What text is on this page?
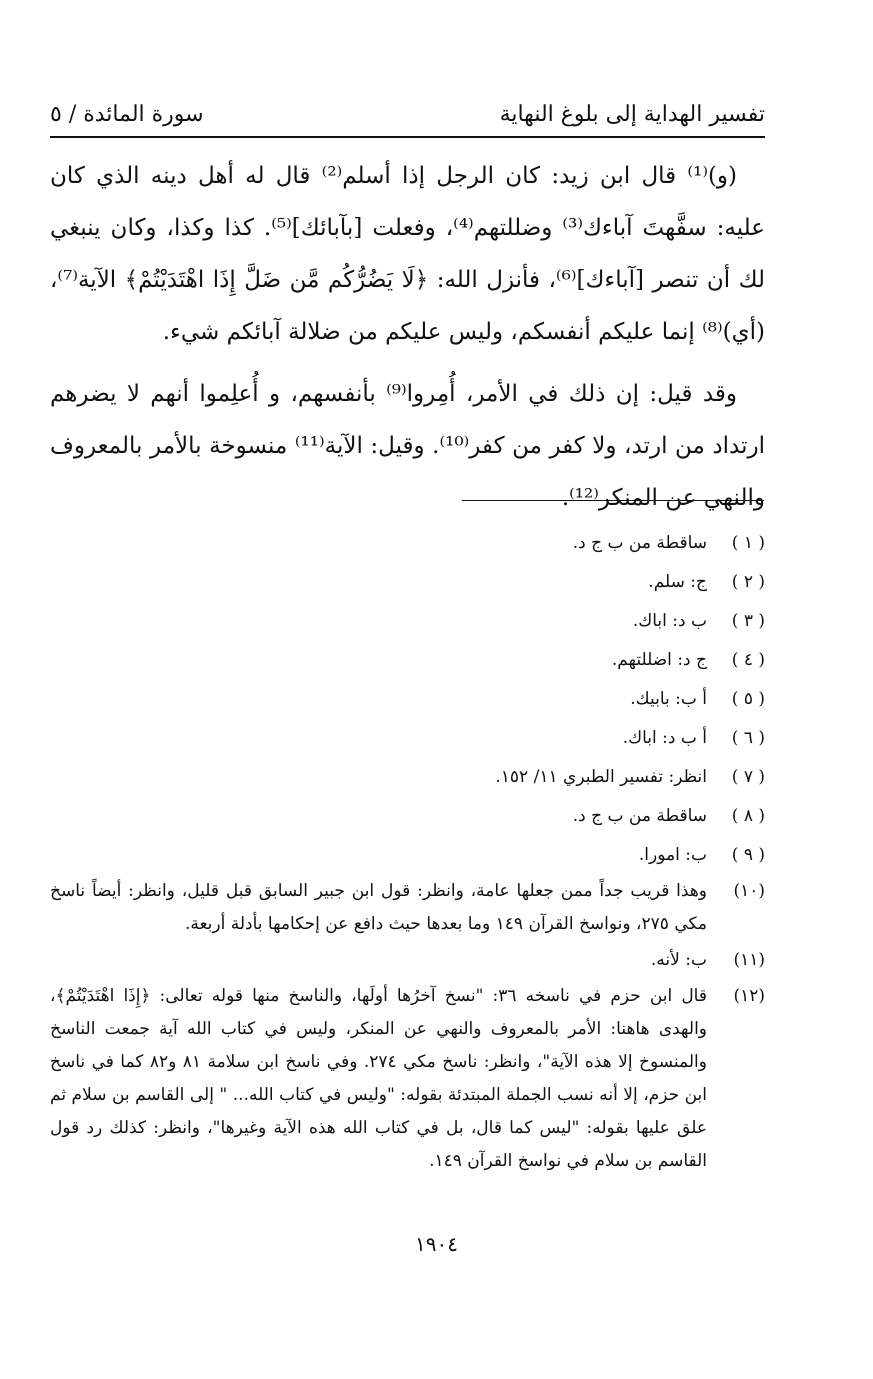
تفسير الهداية إلى بلوغ النهاية
سورة المائدة / ٥

(و)⁽¹⁾ قال ابن زيد: كان الرجل إذا أسلم⁽²⁾ قال له أهل دينه الذي كان عليه: سفَّهتَ آباءك⁽³⁾ وضللتهم⁽⁴⁾، وفعلت [بآبائك]⁽⁵⁾. كذا وكذا، وكان ينبغي لك أن تنصر [آباءك]⁽⁶⁾، فأنزل الله: ﴿لَا يَضُرُّكُم مَّن ضَلَّ إِذَا اهْتَدَيْتُمْ﴾ الآية⁽⁷⁾، (أي)⁽⁸⁾ إنما عليكم أنفسكم، وليس عليكم من ضلالة آبائكم شيء.

وقد قيل: إن ذلك في الأمر، أُمِروا⁽⁹⁾ بأنفسهم، و أُعلِموا أنهم لا يضرهم ارتداد من ارتد، ولا كفر من كفر⁽¹⁰⁾. وقيل: الآية⁽¹¹⁾ منسوخة بالأمر بالمعروف والنهي عن المنكر⁽¹²⁾.

( ١ )
ساقطة من ب ج د.
( ٢ )
ج: سلم.
( ٣ )
ب د: اباك.
( ٤ )
ج د: اضللتهم.
( ٥ )
أ ب: بابيك.
( ٦ )
أ ب د: اباك.
( ٧ )
انظر: تفسير الطبري ١١/ ١٥٢.
( ٨ )
ساقطة من ب ج د.
( ٩ )
ب: امورا.
(١٠)
وهذا قريب جداً ممن جعلها عامة، وانظر: قول ابن جبير السابق قبل قليل، وانظر: أيضاً ناسخ مكي ٢٧٥، ونواسخ القرآن ١٤٩ وما بعدها حيث دافع عن إحكامها بأدلة أربعة.
(١١)
ب: لأنه.
(١٢)
قال ابن حزم في ناسخه ٣٦: "نسخ آخرُها أولَها، والناسخ منها قوله تعالى: ﴿إِذَا اهْتَدَيْتُمْ﴾، والهدى هاهنا: الأمر بالمعروف والنهي عن المنكر، وليس في كتاب الله آية جمعت الناسخ والمنسوخ إلا هذه الآية"، وانظر: ناسخ مكي ٢٧٤. وفي ناسخ ابن سلامة ٨١ و٨٢ كما في ناسخ ابن حزم، إلا أنه نسب الجملة المبتدئة بقوله: "وليس في كتاب الله... " إلى القاسم بن سلام ثم علق عليها بقوله: "ليس كما قال، بل في كتاب الله هذه الآية وغيرها"، وانظر: كذلك رد قول القاسم بن سلام في نواسخ القرآن ١٤٩.
١٩٠٤
